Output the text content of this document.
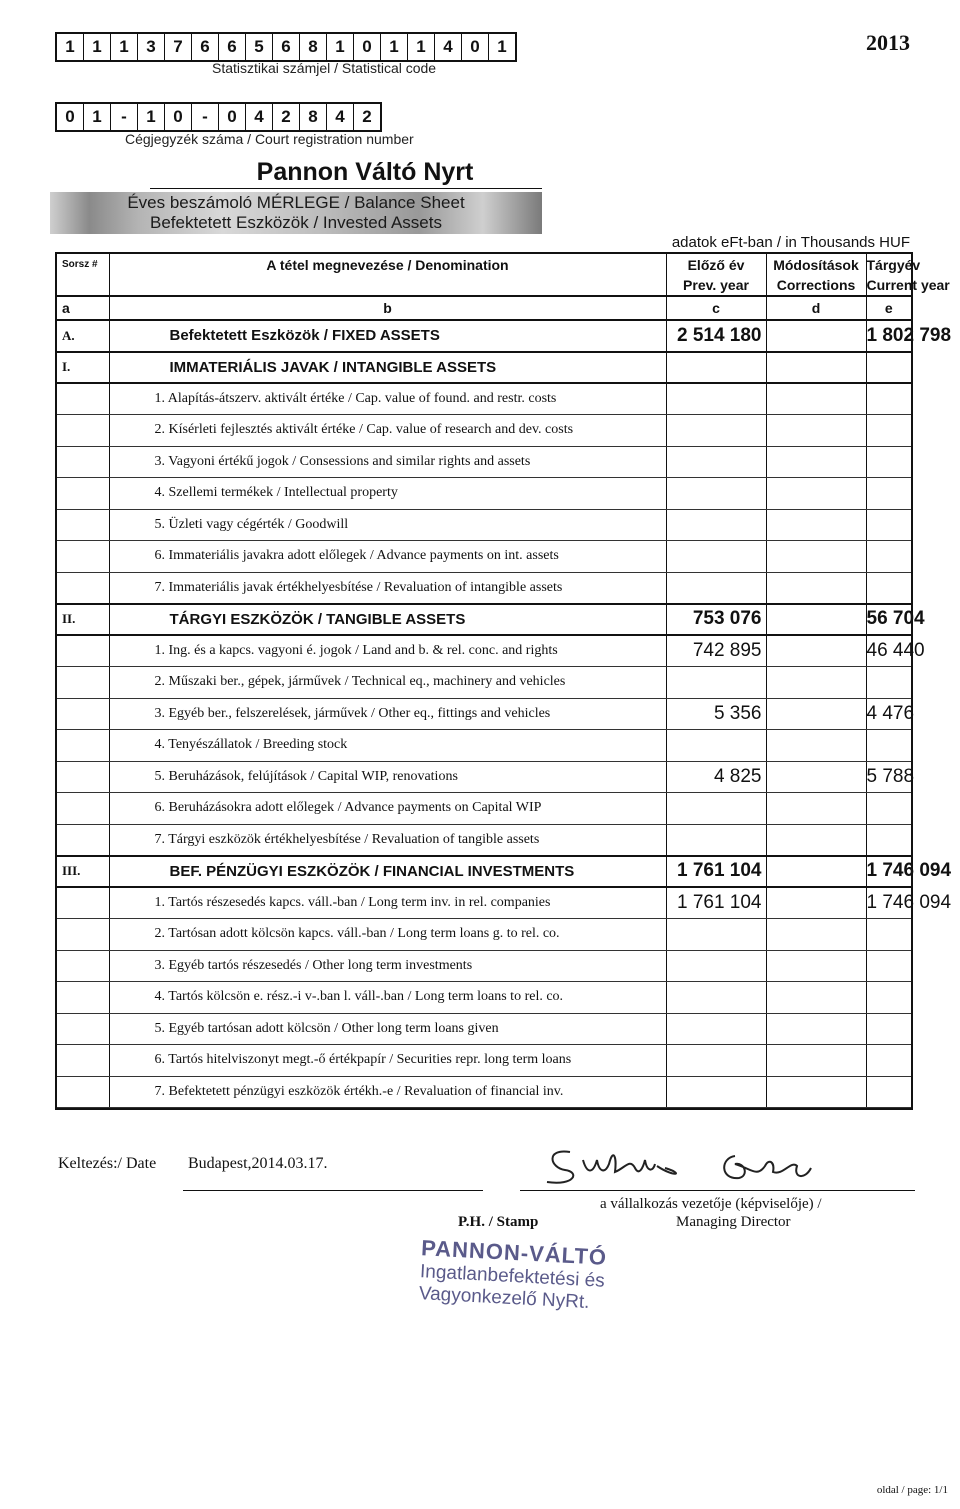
1	1	1	3	7	6	6	5	6	8	1	0	1	1	4	0	1
Statisztikai számjel / Statistical code
2013
0	1	-	1	0	-	0	4	2	8	4	2
Cégjegyzék száma / Court registration number
Pannon Váltó Nyrt
Éves beszámoló MÉRLEGE / Balance Sheet
Befektetett Eszközök / Invested Assets
adatok eFt-ban / in Thousands HUF
Sorsz #	A tétel megnevezése / Denomination	Előző év	Módosítások	Tárgyév
		Prev. year	Corrections	Current year
a	b	c	d	e
A.	Befektetett Eszközök / FIXED ASSETS	2 514 180		1 802 798
I.	IMMATERIÁLIS JAVAK / INTANGIBLE ASSETS			
	1. Alapítás-átszerv. aktivált értéke / Cap. value of found. and restr. costs			
	2. Kísérleti fejlesztés aktivált értéke / Cap. value of research and dev. costs			
	3. Vagyoni értékű jogok / Consessions and similar rights and assets			
	4. Szellemi termékek / Intellectual property			
	5. Üzleti vagy cégérték / Goodwill			
	6. Immateriális javakra adott előlegek / Advance payments on int. assets			
	7. Immateriális javak értékhelyesbítése / Revaluation of intangible assets			
II.	TÁRGYI ESZKÖZÖK / TANGIBLE ASSETS	753 076		56 704
	1. Ing. és a kapcs. vagyoni é. jogok / Land and b. & rel. conc. and rights	742 895		46 440
	2. Műszaki ber., gépek, járművek / Technical eq., machinery and vehicles			
	3. Egyéb ber., felszerelések, járművek / Other eq., fittings and vehicles	5 356		4 476
	4. Tenyészállatok / Breeding stock			
	5. Beruházások, felújítások / Capital WIP, renovations	4 825		5 788
	6. Beruházásokra adott előlegek / Advance payments on Capital WIP			
	7. Tárgyi eszközök értékhelyesbítése / Revaluation of tangible assets			
III.	BEF. PÉNZÜGYI ESZKÖZÖK / FINANCIAL INVESTMENTS	1 761 104		1 746 094
	1. Tartós részesedés kapcs. váll.-ban / Long term inv. in rel. companies	1 761 104		1 746 094
	2. Tartósan adott kölcsön kapcs. váll.-ban / Long term loans g. to rel. co.			
	3. Egyéb tartós részesedés / Other long term investments			
	4. Tartós kölcsön e. rész.-i v-.ban l. váll-.ban / Long term loans to rel. co.			
	5. Egyéb tartósan adott kölcsön / Other long term loans given			
	6. Tartós hitelviszonyt megt.-ő értékpapír / Securities repr. long term loans			
	7. Befektetett pénzügyi eszközök értékh.-e / Revaluation of financial inv.			
Keltezés:/ Date Budapest,2014.03.17.
P.H. / Stamp
a vállalkozás vezetője (képviselője) /
Managing Director
PANNON-VÁLTÓ
Ingatlanbefektetési és
Vagyonkezelő NyRt.
oldal / page: 1/1
